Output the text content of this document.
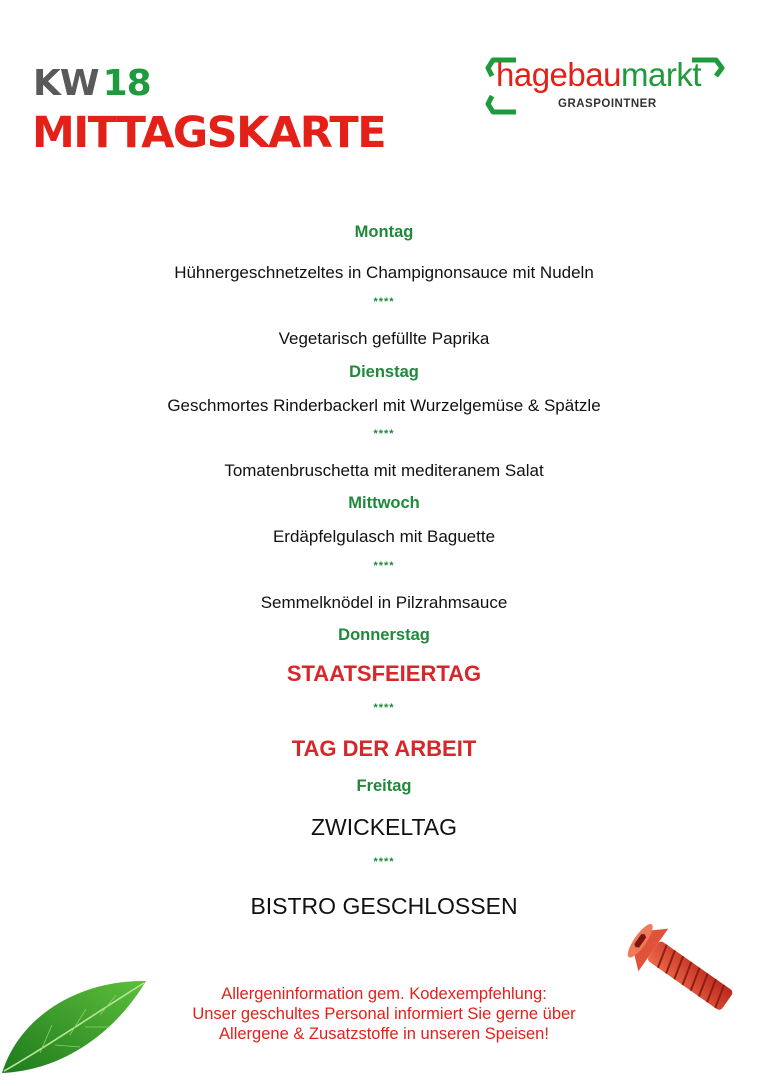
KW 18
MITTAGSKARTE
hagebaumarkt
GRASPOINTNER
Montag
Hühnergeschnetzeltes in Champignonsauce mit Nudeln
****
Vegetarisch gefüllte Paprika
Dienstag
Geschmortes Rinderbackerl mit Wurzelgemüse & Spätzle
****
Tomatenbruschetta mit mediteranem Salat
Mittwoch
Erdäpfelgulasch mit Baguette
****
Semmelknödel in Pilzrahmsauce
Donnerstag
STAATSFEIERTAG
****
TAG DER ARBEIT
Freitag
ZWICKELTAG
****
BISTRO GESCHLOSSEN
Allergeninformation gem. Kodexempfehlung:
Unser geschultes Personal informiert Sie gerne über
Allergene & Zusatzstoffe in unseren Speisen!
